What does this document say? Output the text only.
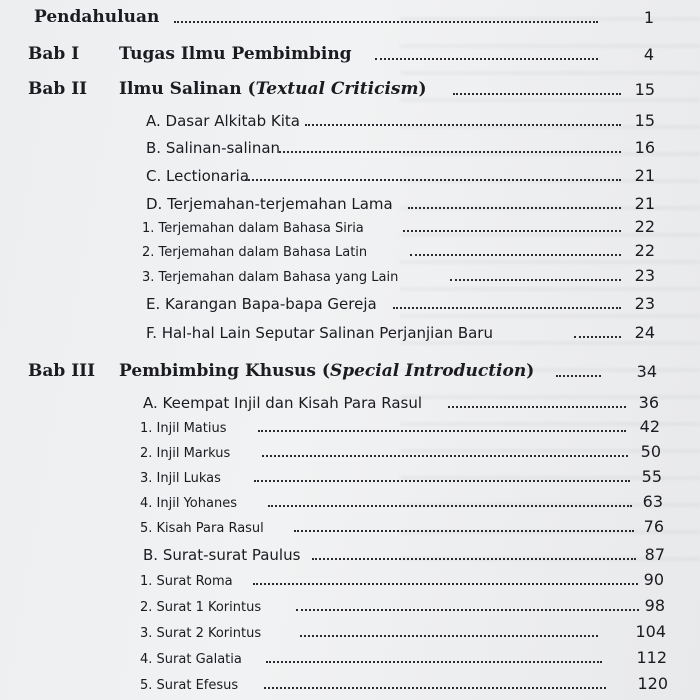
Pendahuluan	1
Bab I Tugas Ilmu Pembimbing	4
Bab II Ilmu Salinan (Textual Criticism)	15
A. Dasar Alkitab Kita	15
B. Salinan-salinan	16
C. Lectionaria	21
D. Terjemahan-terjemahan Lama	21
1. Terjemahan dalam Bahasa Siria	22
2. Terjemahan dalam Bahasa Latin	22
3. Terjemahan dalam Bahasa yang Lain	23
E. Karangan Bapa-bapa Gereja	23
F. Hal-hal Lain Seputar Salinan Perjanjian Baru	24
Bab III Pembimbing Khusus (Special Introduction)	34
A. Keempat Injil dan Kisah Para Rasul	36
1. Injil Matius	42
2. Injil Markus	50
3. Injil Lukas	55
4. Injil Yohanes	63
5. Kisah Para Rasul	76
B. Surat-surat Paulus	87
1. Surat Roma	90
2. Surat 1 Korintus	98
3. Surat 2 Korintus	104
4. Surat Galatia	112
5. Surat Efesus	120
